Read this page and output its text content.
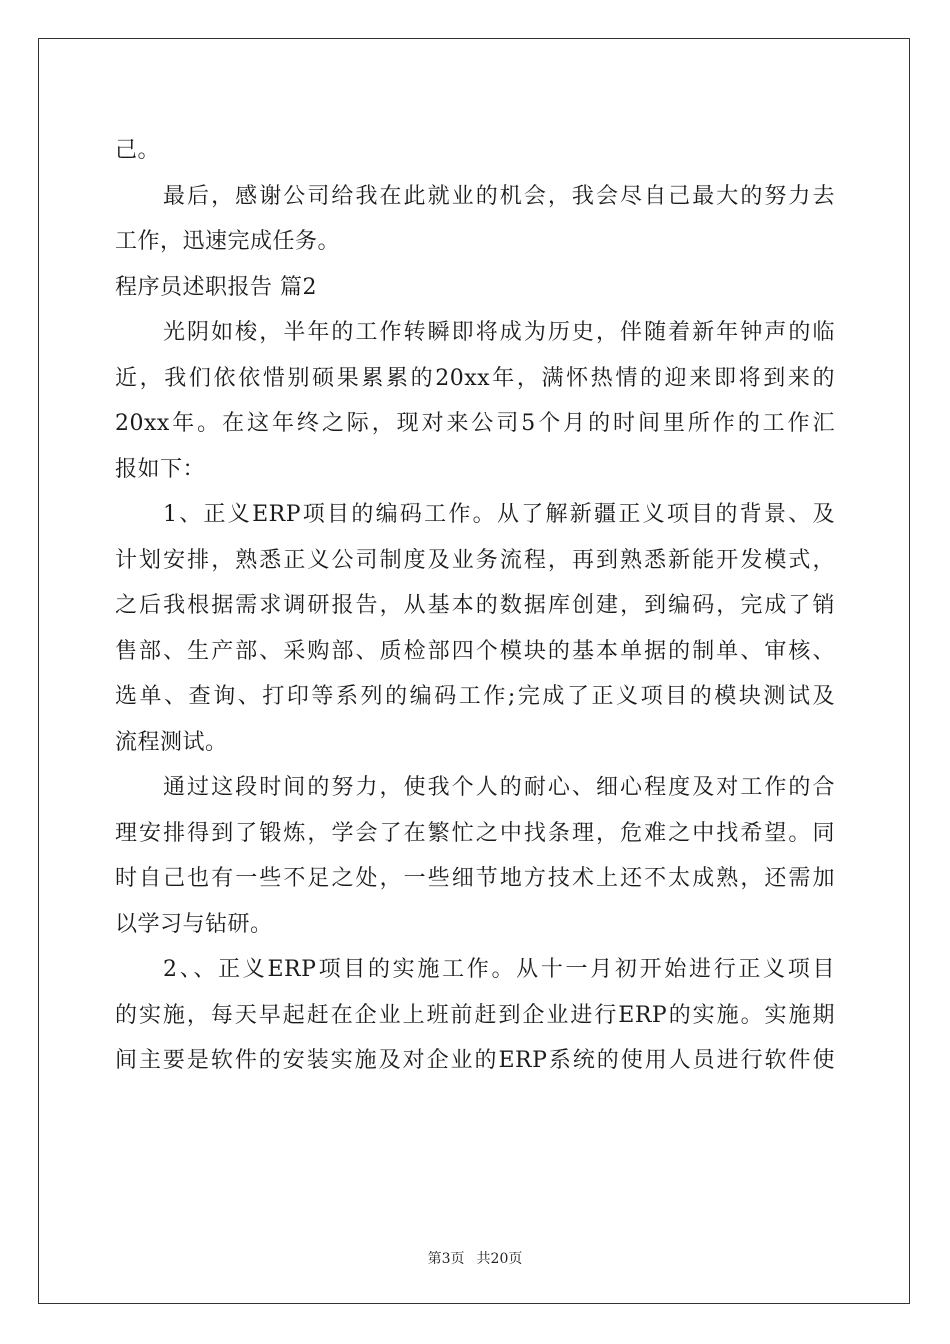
己。
最后，感谢公司给我在此就业的机会，我会尽自己最大的努力去
工作，迅速完成任务。
程序员述职报告 篇2
光阴如梭，半年的工作转瞬即将成为历史，伴随着新年钟声的临
近，我们依依惜别硕果累累的20xx年，满怀热情的迎来即将到来的
20xx年。在这年终之际，现对来公司5个月的时间里所作的工作汇
报如下：
1、正义ERP项目的编码工作。从了解新疆正义项目的背景、及
计划安排，熟悉正义公司制度及业务流程，再到熟悉新能开发模式，
之后我根据需求调研报告，从基本的数据库创建，到编码，完成了销
售部、生产部、采购部、质检部四个模块的基本单据的制单、审核、
选单、查询、打印等系列的编码工作;完成了正义项目的模块测试及
流程测试。
通过这段时间的努力，使我个人的耐心、细心程度及对工作的合
理安排得到了锻炼，学会了在繁忙之中找条理，危难之中找希望。同
时自己也有一些不足之处，一些细节地方技术上还不太成熟，还需加
以学习与钻研。
2、、正义ERP项目的实施工作。从十一月初开始进行正义项目
的实施，每天早起赶在企业上班前赶到企业进行ERP的实施。实施期
间主要是软件的安装实施及对企业的ERP系统的使用人员进行软件使
第3页 共20页
